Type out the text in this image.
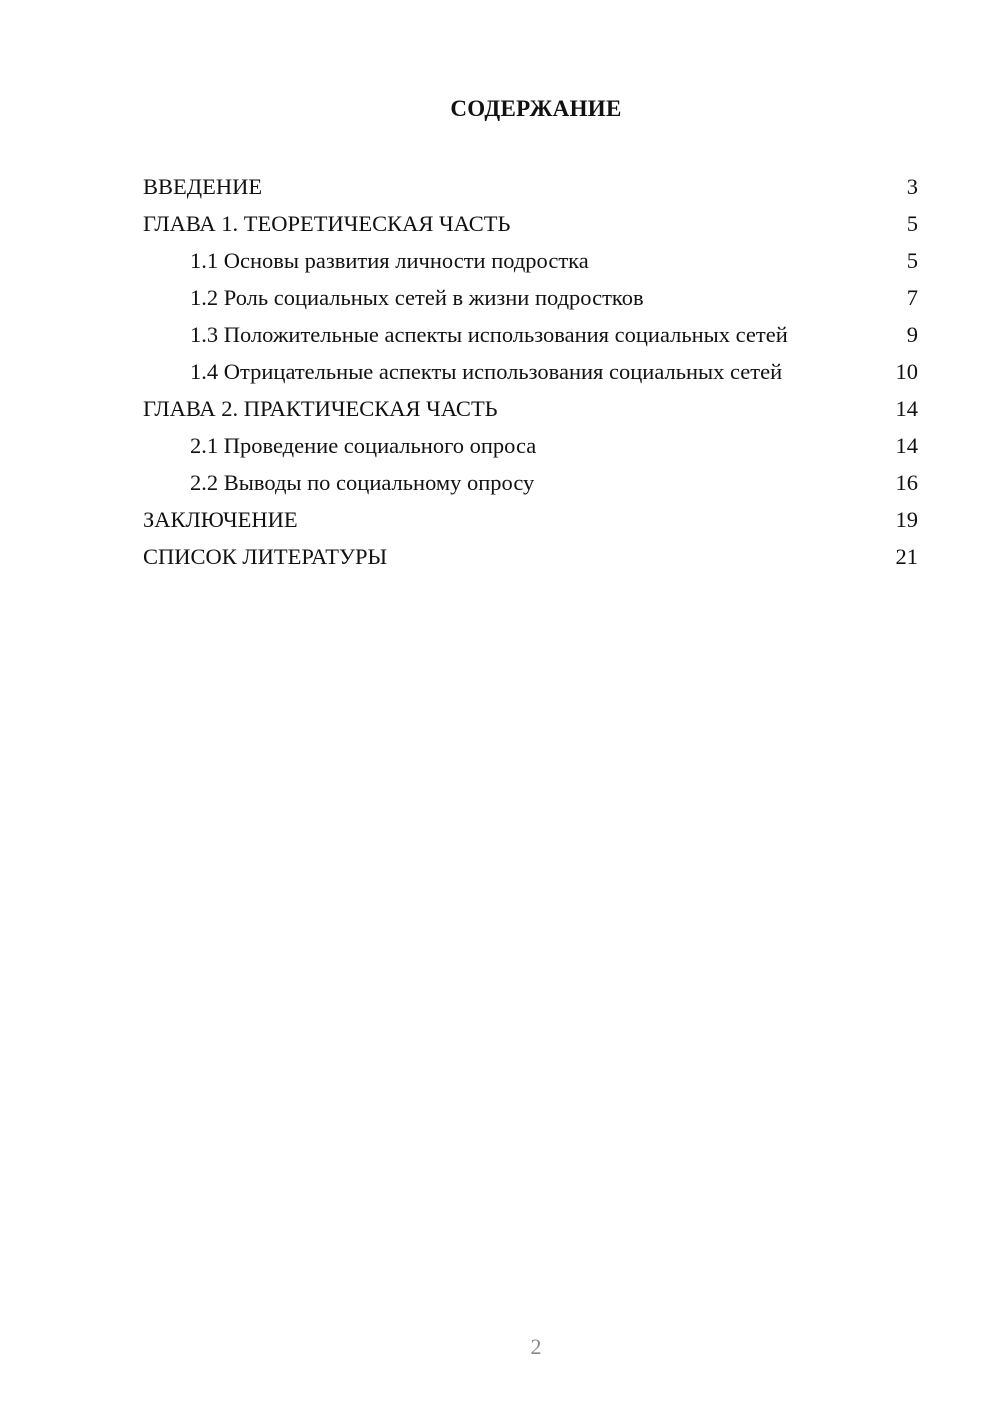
СОДЕРЖАНИЕ
ВВЕДЕНИЕ	3
ГЛАВА 1. ТЕОРЕТИЧЕСКАЯ ЧАСТЬ	5
1.1 Основы развития личности подростка	5
1.2 Роль социальных сетей в жизни подростков	7
1.3 Положительные аспекты использования социальных сетей	9
1.4 Отрицательные аспекты использования социальных сетей	10
ГЛАВА 2. ПРАКТИЧЕСКАЯ ЧАСТЬ	14
2.1 Проведение социального опроса	14
2.2 Выводы по социальному опросу	16
ЗАКЛЮЧЕНИЕ	19
СПИСОК ЛИТЕРАТУРЫ	21
2
